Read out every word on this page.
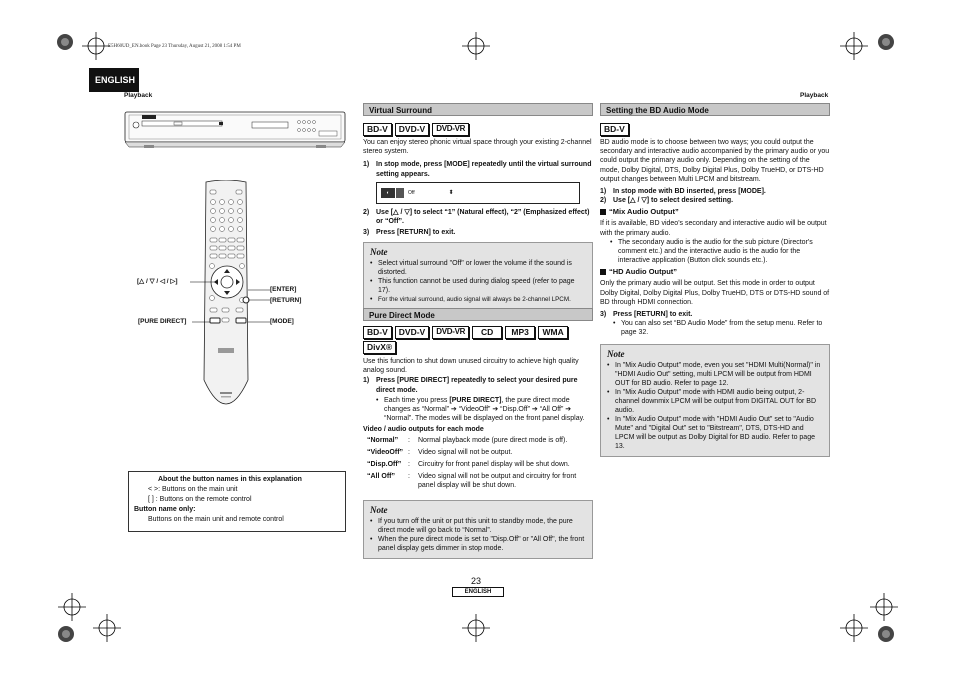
E5H60UD_EN.book Page 23 Thursday, August 21, 2008 1:54 PM
ENGLISH
Playback	Playback
[△ / ▽ / ◁ / ▷]
[ENTER]
[RETURN]
[PURE DIRECT]	[MODE]
About the button names in this explanation
< >: Buttons on the main unit
[ ] : Buttons on the remote control
Button name only:
Buttons on the main unit and remote control
Virtual Surround
BD-V	DVD-V	DVD-VR
You can enjoy stereo phonic virtual space through your existing 2-channel stereo system.
1) In stop mode, press [MODE] repeatedly until the virtual surround setting appears.
◐	Off	⬍
2) Use [△ / ▽] to select “1” (Natural effect), “2” (Emphasized effect) or “Off”.
3) Press [RETURN] to exit.
Note
• Select virtual surround "Off" or lower the volume if the sound is distorted.
• This function cannot be used during dialog speed (refer to page 17).
• For the virtual surround, audio signal will always be 2-channel LPCM.
Pure Direct Mode
BD-V	DVD-V	DVD-VR	CD	MP3	WMA
DivX®
Use this function to shut down unused circuitry to achieve high quality analog sound.
1) Press [PURE DIRECT] repeatedly to select your desired pure direct mode.
• Each time you press [PURE DIRECT], the pure direct mode changes as “Normal” ➔ “VideoOff” ➔ “Disp.Off” ➔ “All Off” ➔ “Normal”. The modes will be displayed on the front panel display.
Video / audio outputs for each mode
“Normal”	:	Normal playback mode (pure direct mode is off).
“VideoOff” :	Video signal will not be output.
“Disp.Off” :	Circuitry for front panel display will be shut down.
“All Off”	:	Video signal will not be output and circuitry for front panel display will be shut down.
Note
• If you turn off the unit or put this unit to standby mode, the pure direct mode will go back to “Normal”.
• When the pure direct mode is set to "Disp.Off" or "All Off", the front panel display gets dimmer in stop mode.
Setting the BD Audio Mode
BD-V
BD audio mode is to choose between two ways; you could output the secondary and interactive audio accompanied by the primary audio or you could output the primary audio only. Depending on the setting of the mode, Dolby Digital, DTS, Dolby Digital Plus, Dolby TrueHD, or DTS-HD output changes between Multi LPCM and bitstream.
1) In stop mode with BD inserted, press [MODE].
2) Use [△ / ▽] to select desired setting.
“Mix Audio Output”
If it is available, BD video's secondary and interactive audio will be output with the primary audio.
• The secondary audio is the audio for the sub picture (Director's comment etc.) and the interactive audio is the audio for the interactive application (Button click sounds etc.).
“HD Audio Output”
Only the primary audio will be output. Set this mode in order to output Dolby Digital, Dolby Digital Plus, Dolby TrueHD, DTS or DTS-HD sound of BD through HDMI connection.
3) Press [RETURN] to exit.
• You can also set “BD Audio Mode” from the setup menu. Refer to page 32.
Note
• In "Mix Audio Output" mode, even you set "HDMI Multi(Normal)" in "HDMI Audio Out" setting, multi LPCM will be output from HDMI OUT for BD audio. Refer to page 12.
• In "Mix Audio Output" mode with HDMI audio being output, 2-channel downmix LPCM will be output from DIGITAL OUT for BD audio.
• In "Mix Audio Output" mode with "HDMI Audio Out" set to "Audio Mute" and "Digital Out" set to "Bitstream", DTS, DTS-HD and LPCM will be output as Dolby Digital for BD audio. Refer to page 13.
23
ENGLISH
